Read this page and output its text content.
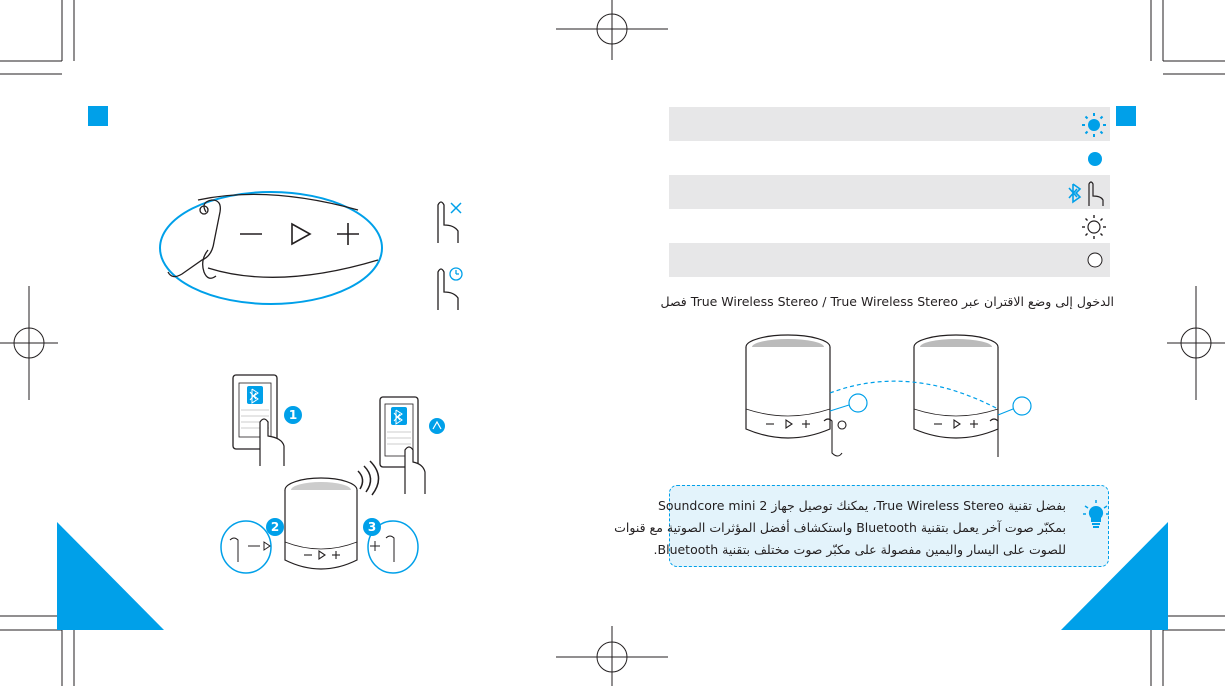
1
2	3
الدخول إلى وضع الاقتران عبر True Wireless Stereo / True Wireless Stereo فصل
بفضل تقنية True Wireless Stereo، يمكنك توصيل جهاز Soundcore mini 2
بمكبّر صوت آخر يعمل بتقنية Bluetooth واستكشاف أفضل المؤثرات الصوتية مع قنوات
للصوت على اليسار واليمين مفصولة على مكبّر صوت مختلف بتقنية Bluetooth.
